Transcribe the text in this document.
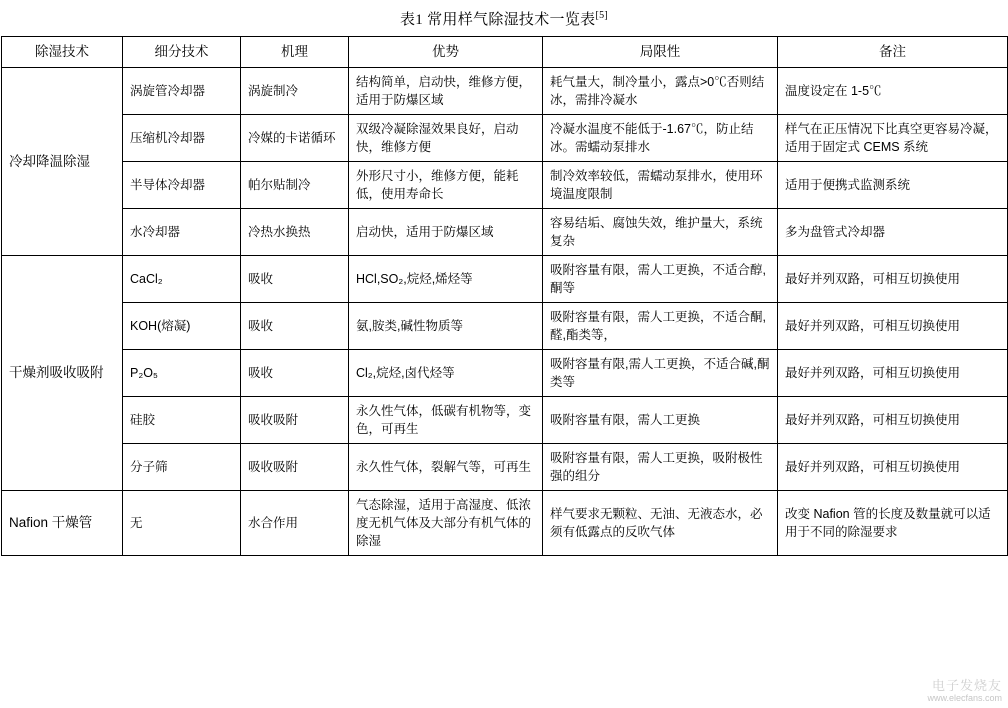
表1 常用样气除湿技术一览表[5]
除湿技术	细分技术	机理	优势	局限性	备注
冷却降温除湿	涡旋管冷却器	涡旋制冷	结构简单，启动快，维修方便，适用于防爆区域	耗气量大，制冷量小，露点>0℃否则结冰，需排冷凝水	温度设定在 1-5℃
	压缩机冷却器	冷媒的卡诺循环	双级冷凝除湿效果良好，启动快，维修方便	冷凝水温度不能低于-1.67℃，防止结冰。需蠕动泵排水	样气在正压情况下比真空更容易冷凝，适用于固定式 CEMS 系统
	半导体冷却器	帕尔贴制冷	外形尺寸小，维修方便，能耗低，使用寿命长	制冷效率较低，需蠕动泵排水，使用环境温度限制	适用于便携式监测系统
	水冷却器	冷热水换热	启动快，适用于防爆区域	容易结垢、腐蚀失效，维护量大，系统复杂	多为盘管式冷却器
干燥剂吸收吸附	CaCl₂	吸收	HCl,SO₂,烷烃,烯烃等	吸附容量有限，需人工更换，不适合醇,酮等	最好并列双路，可相互切换使用
	KOH(熔凝)	吸收	氨,胺类,碱性物质等	吸附容量有限，需人工更换，不适合酮,醛,酯类等，	最好并列双路，可相互切换使用
	P₂O₅	吸收	Cl₂,烷烃,卤代烃等	吸附容量有限,需人工更换，不适合碱,酮类等	最好并列双路，可相互切换使用
	硅胶	吸收吸附	永久性气体，低碳有机物等，变色，可再生	吸附容量有限，需人工更换	最好并列双路，可相互切换使用
	分子筛	吸收吸附	永久性气体，裂解气等，可再生	吸附容量有限，需人工更换，吸附极性强的组分	最好并列双路，可相互切换使用
Nafion 干燥管	无	水合作用	气态除湿，适用于高湿度、低浓度无机气体及大部分有机气体的除湿	样气要求无颗粒、无油、无液态水，必须有低露点的反吹气体	改变 Nafion 管的长度及数量就可以适用于不同的除湿要求
电子发烧友
www.elecfans.com
